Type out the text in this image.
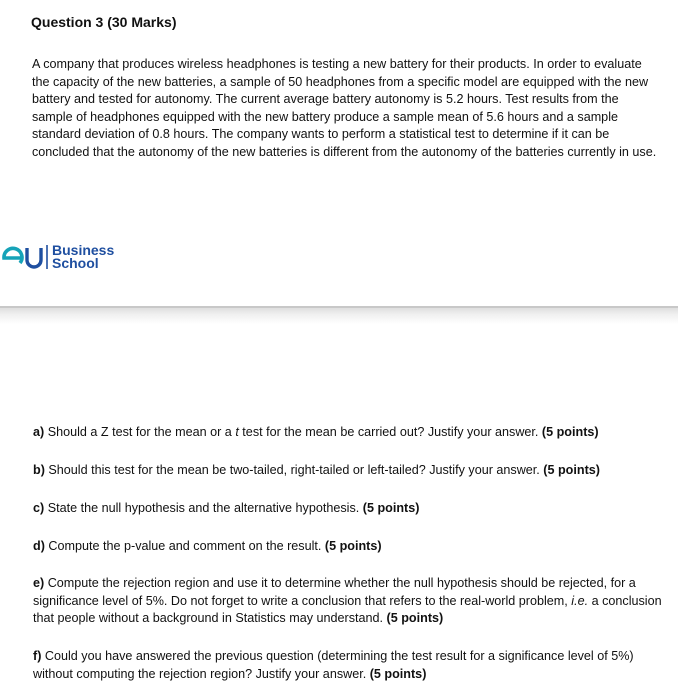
Question 3 (30 Marks)

A company that produces wireless headphones is testing a new battery for their products. In order to evaluate the capacity of the new batteries, a sample of 50 headphones from a specific model are equipped with the new battery and tested for autonomy. The current average battery autonomy is 5.2 hours. Test results from the sample of headphones equipped with the new battery produce a sample mean of 5.6 hours and a sample standard deviation of 0.8 hours. The company wants to perform a statistical test to determine if it can be concluded that the autonomy of the new batteries is different from the autonomy of the batteries currently in use.

Business
School

a) Should a Z test for the mean or a t test for the mean be carried out? Justify your answer. (5 points)

b) Should this test for the mean be two-tailed, right-tailed or left-tailed? Justify your answer. (5 points)

c) State the null hypothesis and the alternative hypothesis. (5 points)

d) Compute the p-value and comment on the result. (5 points)

e) Compute the rejection region and use it to determine whether the null hypothesis should be rejected, for a significance level of 5%. Do not forget to write a conclusion that refers to the real-world problem, i.e. a conclusion that people without a background in Statistics may understand. (5 points)

f) Could you have answered the previous question (determining the test result for a significance level of 5%) without computing the rejection region? Justify your answer. (5 points)
